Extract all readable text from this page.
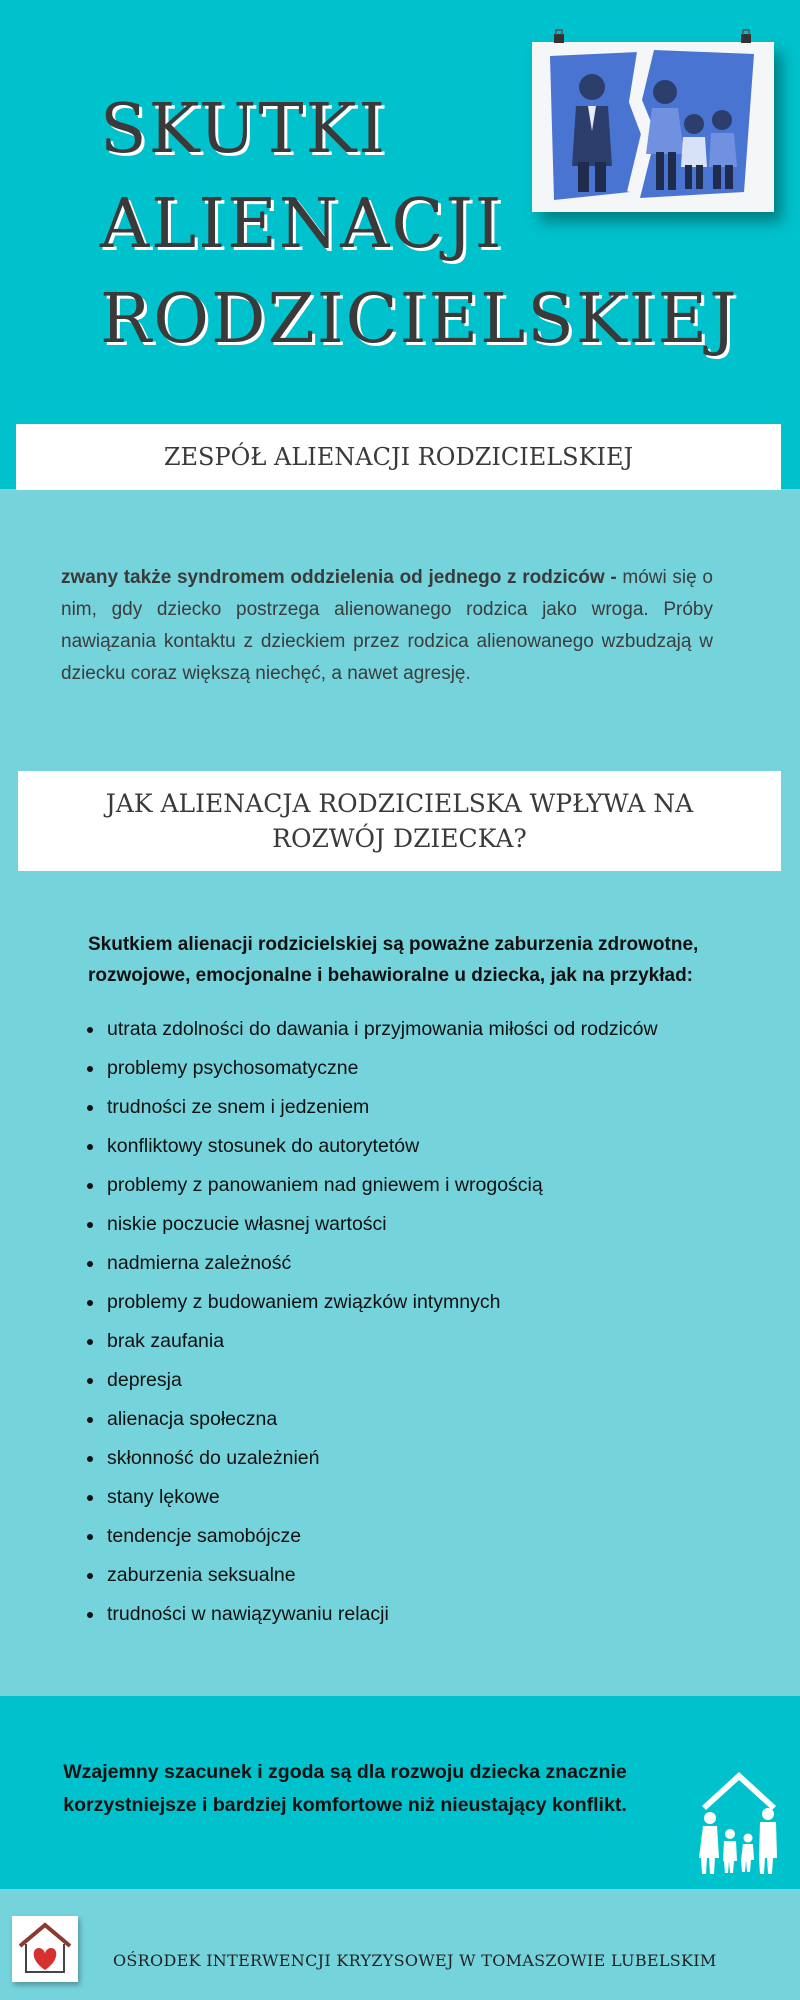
SKUTKI
ALIENACJI
RODZICIELSKIEJ
ZESPÓŁ ALIENACJI RODZICIELSKIEJ

zwany także syndromem oddzielenia od jednego z rodziców - mówi się o nim, gdy dziecko postrzega alienowanego rodzica jako wroga. Próby nawiązania kontaktu z dzieckiem przez rodzica alienowanego wzbudzają w dziecku coraz większą niechęć, a nawet agresję.

JAK ALIENACJA RODZICIELSKA WPŁYWA NA ROZWÓJ DZIECKA?

Skutkiem alienacji rodzicielskiej są poważne zaburzenia zdrowotne, rozwojowe, emocjonalne i behawioralne u dziecka, jak na przykład:

• utrata zdolności do dawania i przyjmowania miłości od rodziców
• problemy psychosomatyczne
• trudności ze snem i jedzeniem
• konfliktowy stosunek do autorytetów
• problemy z panowaniem nad gniewem i wrogością
• niskie poczucie własnej wartości
• nadmierna zależność
• problemy z budowaniem związków intymnych
• brak zaufania
• depresja
• alienacja społeczna
• skłonność do uzależnień
• stany lękowe
• tendencje samobójcze
• zaburzenia seksualne
• trudności w nawiązywaniu relacji

Wzajemny szacunek i zgoda są dla rozwoju dziecka znacznie korzystniejsze i bardziej komfortowe niż nieustający konflikt.

OŚRODEK INTERWENCJI KRYZYSOWEJ W TOMASZOWIE LUBELSKIM
